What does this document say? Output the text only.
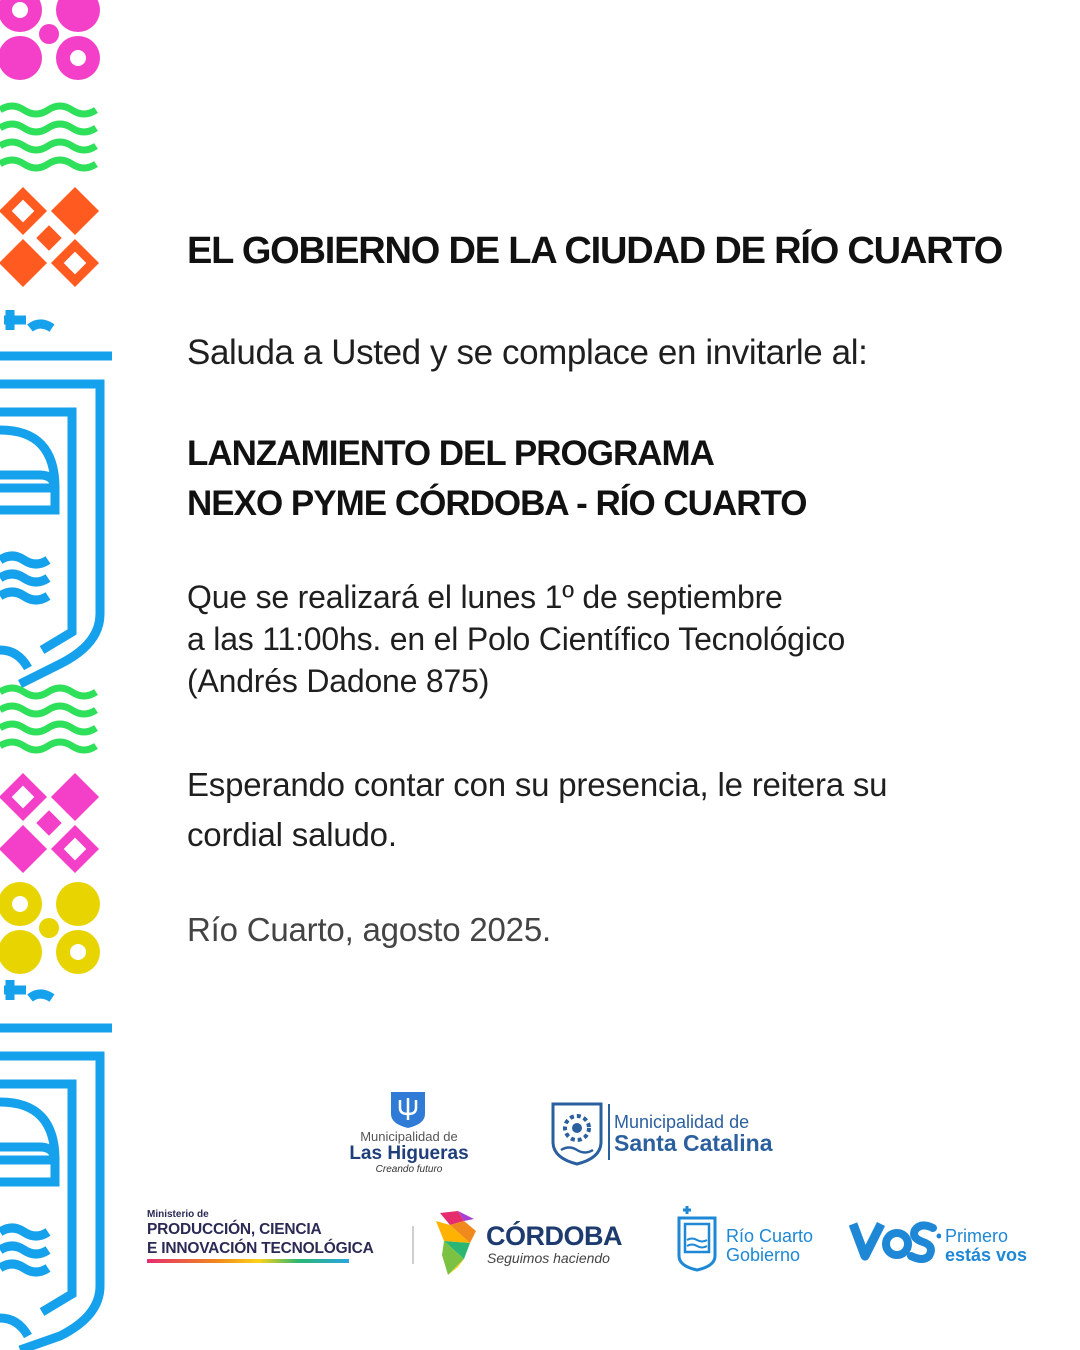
EL GOBIERNO DE LA CIUDAD DE RÍO CUARTO
Saluda a Usted y se complace en invitarle al:
LANZAMIENTO DEL PROGRAMA
NEXO PYME CÓRDOBA - RÍO CUARTO
Que se realizará el lunes 1º de septiembre
a las 11:00hs. en el Polo Científico Tecnológico
(Andrés Dadone 875)
Esperando contar con su presencia, le reitera su
cordial saludo.
Río Cuarto, agosto 2025.
Municipalidad de
Las Higueras
Creando futuro
Municipalidad de
Santa Catalina
Ministerio de
PRODUCCIÓN, CIENCIA
E INNOVACIÓN TECNOLÓGICA	CÓRDOBA
Seguimos haciendo
Río Cuarto
Gobierno
Primero
estás vos
